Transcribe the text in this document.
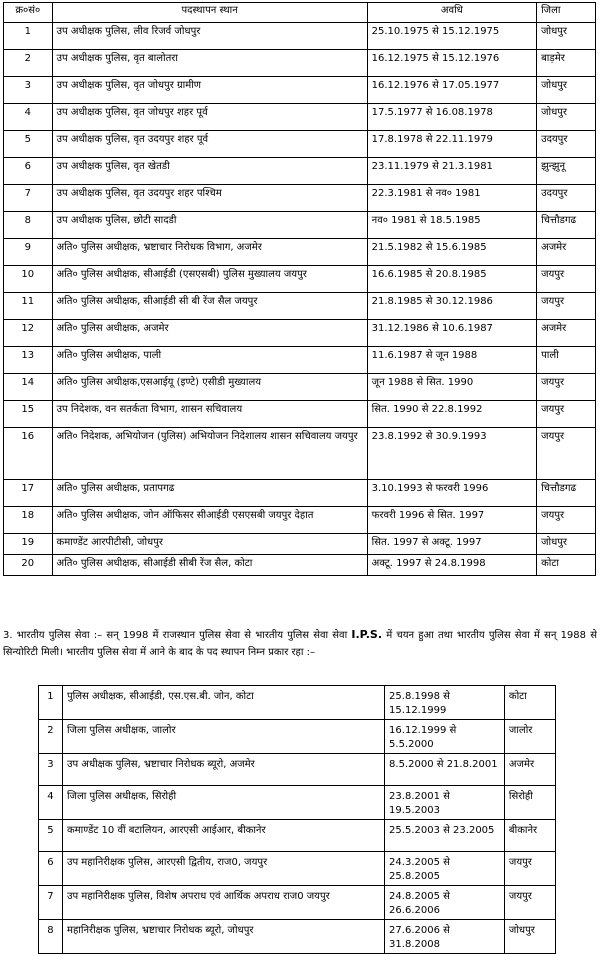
क्र०सं०	पदस्थापन स्थान	अवधि	जिला
1	उप अधीक्षक पुलिस, लीव रिजर्व जोधपुर	25.10.1975 से 15.12.1975	जोधपुर
2	उप अधीक्षक पुलिस, वृत बालोतरा	16.12.1975 से 15.12.1976	बाड़मेर
3	उप अधीक्षक पुलिस, वृत जोधपुर ग्रामीण	16.12.1976 से 17.05.1977	जोधपुर
4	उप अधीक्षक पुलिस, वृत जोधपुर शहर पूर्व	17.5.1977 से 16.08.1978	जोधपुर
5	उप अधीक्षक पुलिस, वृत उदयपुर शहर पूर्व	17.8.1978 से 22.11.1979	उदयपुर
6	उप अधीक्षक पुलिस, वृत खेतडी	23.11.1979 से 21.3.1981	झुन्झुनू
7	उप अधीक्षक पुलिस, वृत उदयपुर शहर पश्चिम	22.3.1981 से नव० 1981	उदयपुर
8	उप अधीक्षक पुलिस, छोटी सादडी	नव० 1981 से 18.5.1985	चित्तौडगढ
9	अति० पुलिस अधीक्षक, भ्रष्टाचार निरोधक विभाग, अजमेर	21.5.1982 से 15.6.1985	अजमेर
10	अति० पुलिस अधीक्षक, सीआईडी (एसएसबी) पुलिस मुख्यालय जयपुर	16.6.1985 से 20.8.1985	जयपुर
11	अति० पुलिस अधीक्षक, सीआईडी सी बी रेंज सैल जयपुर	21.8.1985 से 30.12.1986	जयपुर
12	अति० पुलिस अधीक्षक, अजमेर	31.12.1986 से 10.6.1987	अजमेर
13	अति० पुलिस अधीक्षक, पाली	11.6.1987 से जून 1988	पाली
14	अति० पुलिस अधीक्षक,एसआईयू (इण्टे) एसीडी मुख्यालय	जून 1988 से सित. 1990	जयपुर
15	उप निदेशक, वन सतर्कता विभाग, शासन सचिवालय	सित. 1990 से 22.8.1992	जयपुर
16	अति० निदेशक, अभियोजन (पुलिस) अभियोजन निदेशालय शासन सचिवालय जयपुर	23.8.1992 से 30.9.1993	जयपुर
17	अति० पुलिस अधीक्षक, प्रतापगढ	3.10.1993 से फरवरी 1996	चित्तौडगढ
18	अति० पुलिस अधीक्षक, जोन ऑफिसर सीआईडी एसएसबी जयपुर देहात	फरवरी 1996 से सित. 1997	जयपुर
19	कमाण्डेंट आरपीटीसी, जोधपुर	सित. 1997 से अक्टू. 1997	जोधपुर
20	अति० पुलिस अधीक्षक, सीआईडी सीबी रेंज सैल, कोटा	अक्टू. 1997 से 24.8.1998	कोटा
3. भारतीय पुलिस सेवा :– सन् 1998 में राजस्थान पुलिस सेवा से भारतीय पुलिस सेवा सेवा I.P.S. में चयन हुआ तथा भारतीय पुलिस सेवा में सन् 1988 से सिन्योरिटी मिली। भारतीय पुलिस सेवा में आने के बाद के पद स्थापन निम्न प्रकार रहा :–
1	पुलिस अधीक्षक, सीआईडी, एस.एस.बी. जोन, कोटा	25.8.1998 से 15.12.1999	कोटा
2	जिला पुलिस अधीक्षक, जालोर	16.12.1999 से 5.5.2000	जालोर
3	उप अधीक्षक पुलिस, भ्रष्टाचार निरोधक ब्यूरो, अजमेर	8.5.2000 से 21.8.2001	अजमेर
4	जिला पुलिस अधीक्षक, सिरोही	23.8.2001 से 19.5.2003	सिरोही
5	कमाण्डेंट 10 वीं बटालियन, आरएसी आईआर, बीकानेर	25.5.2003 से 23.2005	बीकानेर
6	उप महानिरीक्षक पुलिस, आरएसी द्वितीय, राज0, जयपुर	24.3.2005 से 25.8.2005	जयपुर
7	उप महानिरीक्षक पुलिस, विशेष अपराध एवं आर्थिक अपराध राज0 जयपुर	24.8.2005 से 26.6.2006	जयपुर
8	महानिरीक्षक पुलिस, भ्रष्टाचार निरोधक ब्यूरो, जोधपुर	27.6.2006 से 31.8.2008	जोधपुर
